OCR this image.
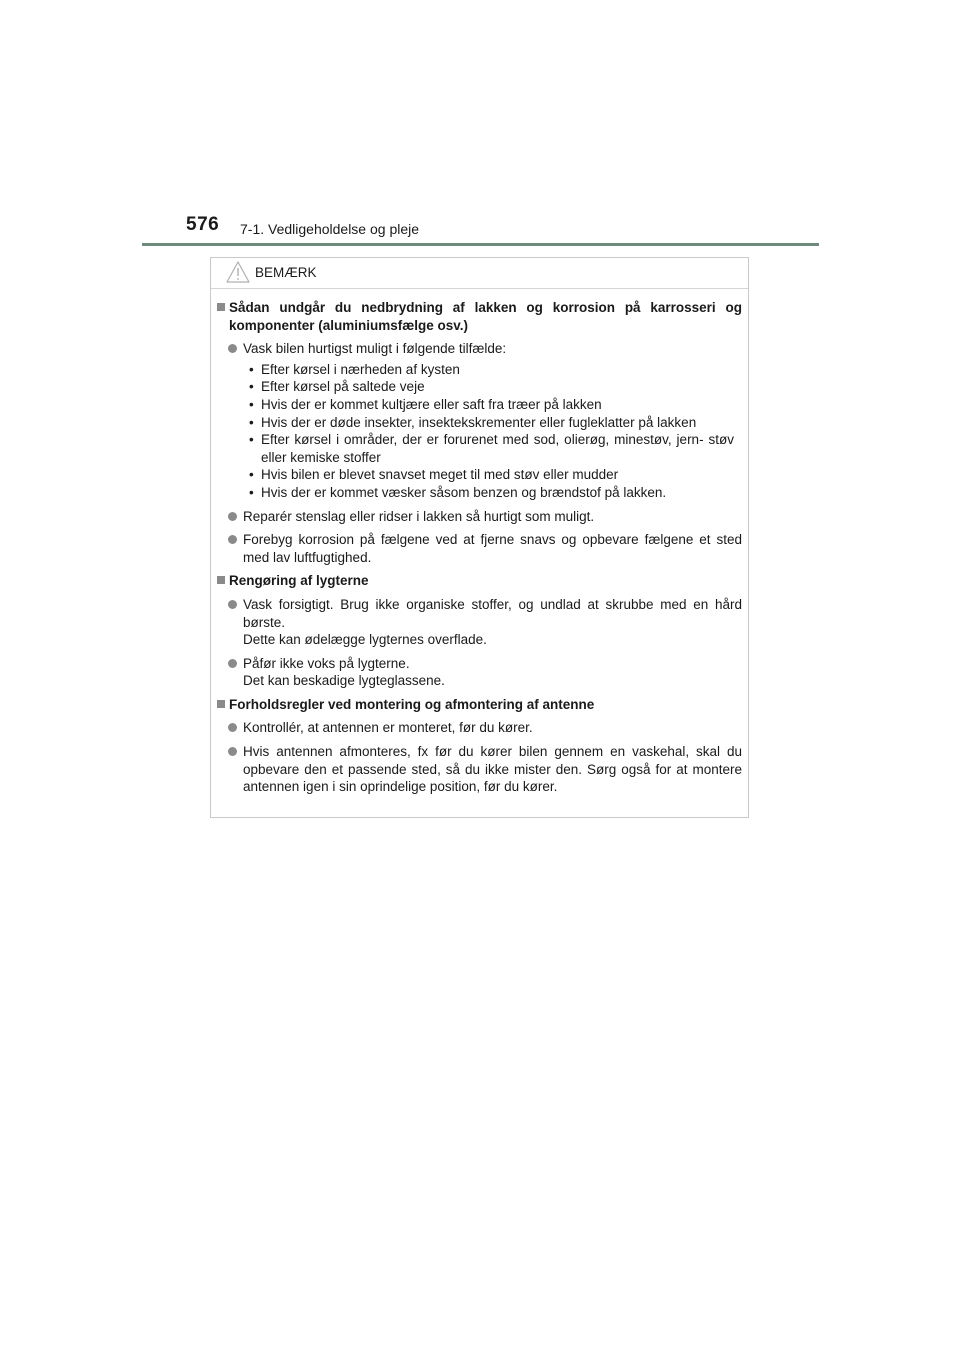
576 7-1. Vedligeholdelse og pleje
BEMÆRK
Sådan undgår du nedbrydning af lakken og korrosion på karrosseri og komponenter (aluminiumsfælge osv.)
Vask bilen hurtigst muligt i følgende tilfælde:
• Efter kørsel i nærheden af kysten
• Efter kørsel på saltede veje
• Hvis der er kommet kultjære eller saft fra træer på lakken
• Hvis der er døde insekter, insektekskrementer eller fugleklatter på lakken
• Efter kørsel i områder, der er forurenet med sod, olierøg, minestøv, jern- støv eller kemiske stoffer
• Hvis bilen er blevet snavset meget til med støv eller mudder
• Hvis der er kommet væsker såsom benzen og brændstof på lakken.
Reparér stenslag eller ridser i lakken så hurtigt som muligt.
Forebyg korrosion på fælgene ved at fjerne snavs og opbevare fælgene et sted med lav luftfugtighed.
Rengøring af lygterne
Vask forsigtigt. Brug ikke organiske stoffer, og undlad at skrubbe med en hård børste.
Dette kan ødelægge lygternes overflade.
Påfør ikke voks på lygterne.
Det kan beskadige lygteglassene.
Forholdsregler ved montering og afmontering af antenne
Kontrollér, at antennen er monteret, før du kører.
Hvis antennen afmonteres, fx før du kører bilen gennem en vaskehal, skal du opbevare den et passende sted, så du ikke mister den. Sørg også for at montere antennen igen i sin oprindelige position, før du kører.
